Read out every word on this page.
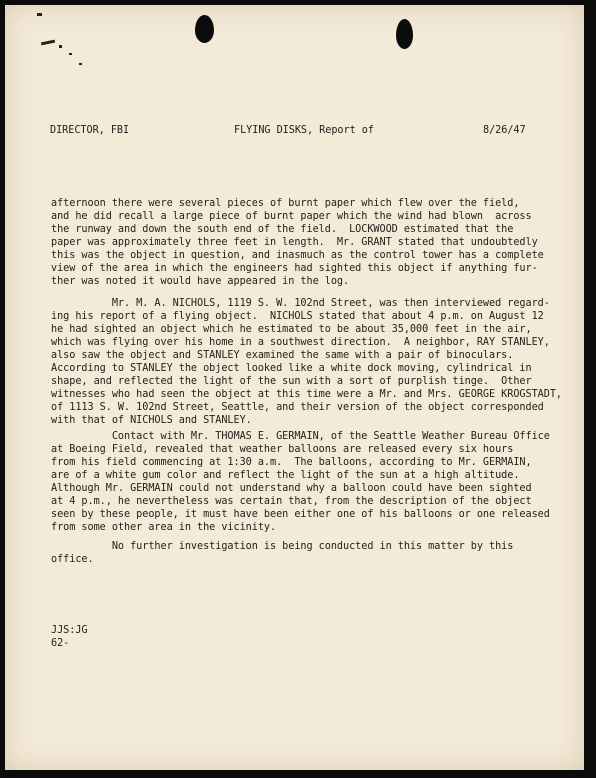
DIRECTOR, FBI	FLYING DISKS, Report of	8/26/47

afternoon there were several pieces of burnt paper which flew over the field,
and he did recall a large piece of burnt paper which the wind had blown  across
the runway and down the south end of the field.  LOCKWOOD estimated that the
paper was approximately three feet in length.  Mr. GRANT stated that undoubtedly
this was the object in question, and inasmuch as the control tower has a complete
view of the area in which the engineers had sighted this object if anything fur-
ther was noted it would have appeared in the log.

Mr. M. A. NICHOLS, 1119 S. W. 102nd Street, was then interviewed regard-
ing his report of a flying object.  NICHOLS stated that about 4 p.m. on August 12
he had sighted an object which he estimated to be about 35,000 feet in the air,
which was flying over his home in a southwest direction.  A neighbor, RAY STANLEY,
also saw the object and STANLEY examined the same with a pair of binoculars.
According to STANLEY the object looked like a white dock moving, cylindrical in
shape, and reflected the light of the sun with a sort of purplish tinge.  Other
witnesses who had seen the object at this time were a Mr. and Mrs. GEORGE KROGSTADT,
of 1113 S. W. 102nd Street, Seattle, and their version of the object corresponded
with that of NICHOLS and STANLEY.

Contact with Mr. THOMAS E. GERMAIN, of the Seattle Weather Bureau Office
at Boeing Field, revealed that weather balloons are released every six hours
from his field commencing at 1:30 a.m.  The balloons, according to Mr. GERMAIN,
are of a white gum color and reflect the light of the sun at a high altitude.
Although Mr. GERMAIN could not understand why a balloon could have been sighted
at 4 p.m., he nevertheless was certain that, from the description of the object
seen by these people, it must have been either one of his balloons or one released
from some other area in the vicinity.

No further investigation is being conducted in this matter by this
office.

JJS:JG
62-
